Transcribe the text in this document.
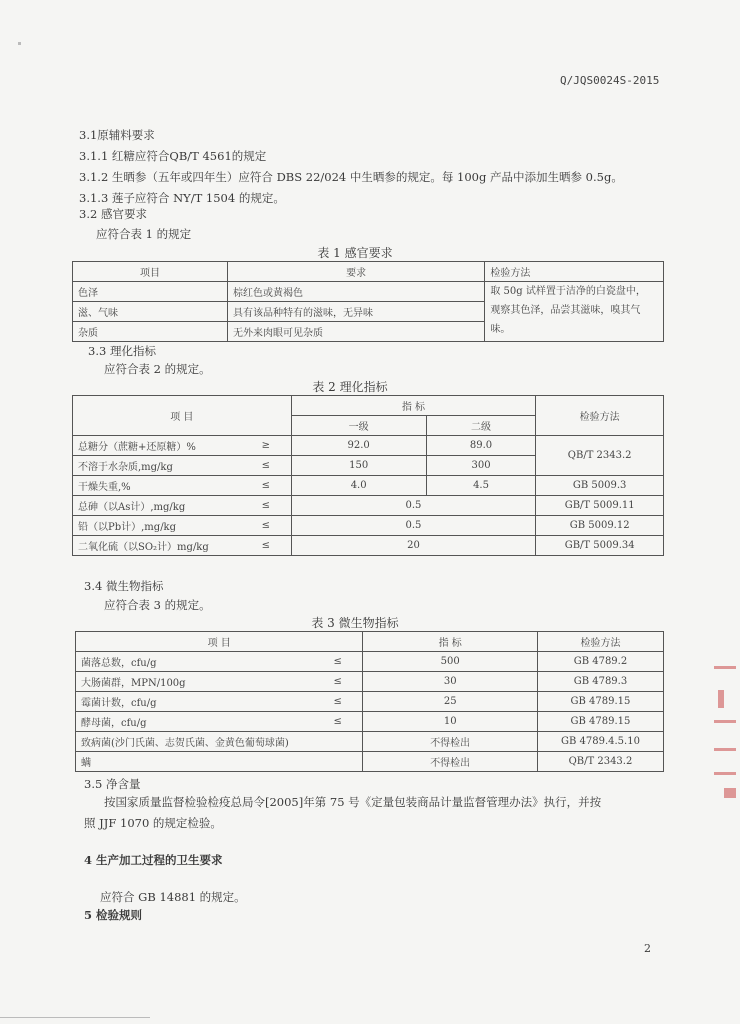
Q/JQS0024S-2015
3.1原辅料要求
3.1.1 红糖应符合QB/T 4561的规定
3.1.2 生晒参（五年或四年生）应符合 DBS 22/024 中生晒参的规定。每 100g 产品中添加生晒参 0.5g。
3.1.3 莲子应符合 NY/T 1504 的规定。
3.2 感官要求
应符合表 1 的规定
表 1 感官要求
项目	要求	检验方法
色泽	棕红色或黄褐色	取 50g 试样置于洁净的白瓷盘中，
观察其色泽，品尝其滋味，嗅其气
味。

滋、气味	具有该品种特有的滋味，无异味	
杂质	无外来肉眼可见杂质	
3.3 理化指标
应符合表 2 的规定。
表 2 理化指标
项 目		指 标		检验方法
		一级	二级	
总糖分（蔗糖+还原糖）%	≥	92.0	89.0	QB/T 2343.2
不溶于水杂质,mg/kg	≤	150	300	
干燥失重,%	≤	4.0	4.5	GB 5009.3
总砷（以As计）,mg/kg	≤	0.5		GB/T 5009.11
铅（以Pb计）,mg/kg	≤	0.5		GB 5009.12
二氧化硫（以SO₂计）mg/kg	≤	20		GB/T 5009.34
3.4 微生物指标
应符合表 3 的规定。
表 3 微生物指标
项 目		指 标	检验方法
菌落总数，cfu/g	≤	500	GB 4789.2
大肠菌群，MPN/100g	≤	30	GB 4789.3
霉菌计数，cfu/g	≤	25	GB 4789.15
酵母菌，cfu/g	≤	10	GB 4789.15
致病菌(沙门氏菌、志贺氏菌、金黄色葡萄球菌)		不得检出	GB 4789.4.5.10
螨		不得检出	QB/T 2343.2
3.5 净含量
按国家质量监督检验检疫总局令[2005]年第 75 号《定量包装商品计量监督管理办法》执行，并按
照 JJF 1070 的规定检验。
4 生产加工过程的卫生要求
应符合 GB 14881 的规定。
5 检验规则
2
